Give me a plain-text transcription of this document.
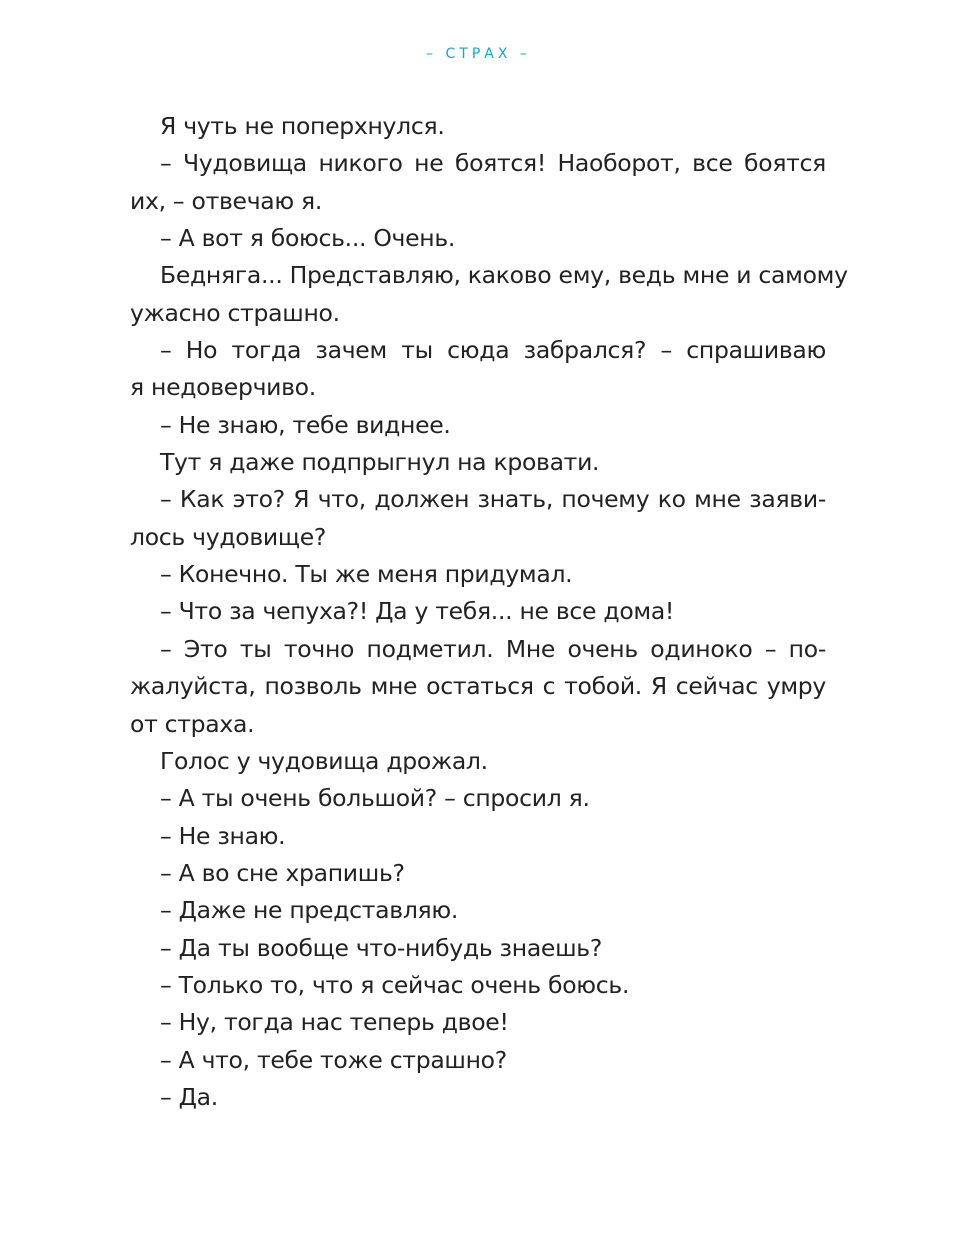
– СТРАХ –
Я чуть не поперхнулся.
– Чудовища никого не боятся! Наоборот, все боятся
их, – отвечаю я.
– А вот я боюсь... Очень.
Бедняга... Представляю, каково ему, ведь мне и самому
ужасно страшно.
– Но тогда зачем ты сюда забрался? – спрашиваю
я недоверчиво.
– Не знаю, тебе виднее.
Тут я даже подпрыгнул на кровати.
– Как это? Я что, должен знать, почему ко мне заяви-
лось чудовище?
– Конечно. Ты же меня придумал.
– Что за чепуха?! Да у тебя... не все дома!
– Это ты точно подметил. Мне очень одиноко – по-
жалуйста, позволь мне остаться с тобой. Я сейчас умру
от страха.
Голос у чудовища дрожал.
– А ты очень большой? – спросил я.
– Не знаю.
– А во сне храпишь?
– Даже не представляю.
– Да ты вообще что-нибудь знаешь?
– Только то, что я сейчас очень боюсь.
– Ну, тогда нас теперь двое!
– А что, тебе тоже страшно?
– Да.
